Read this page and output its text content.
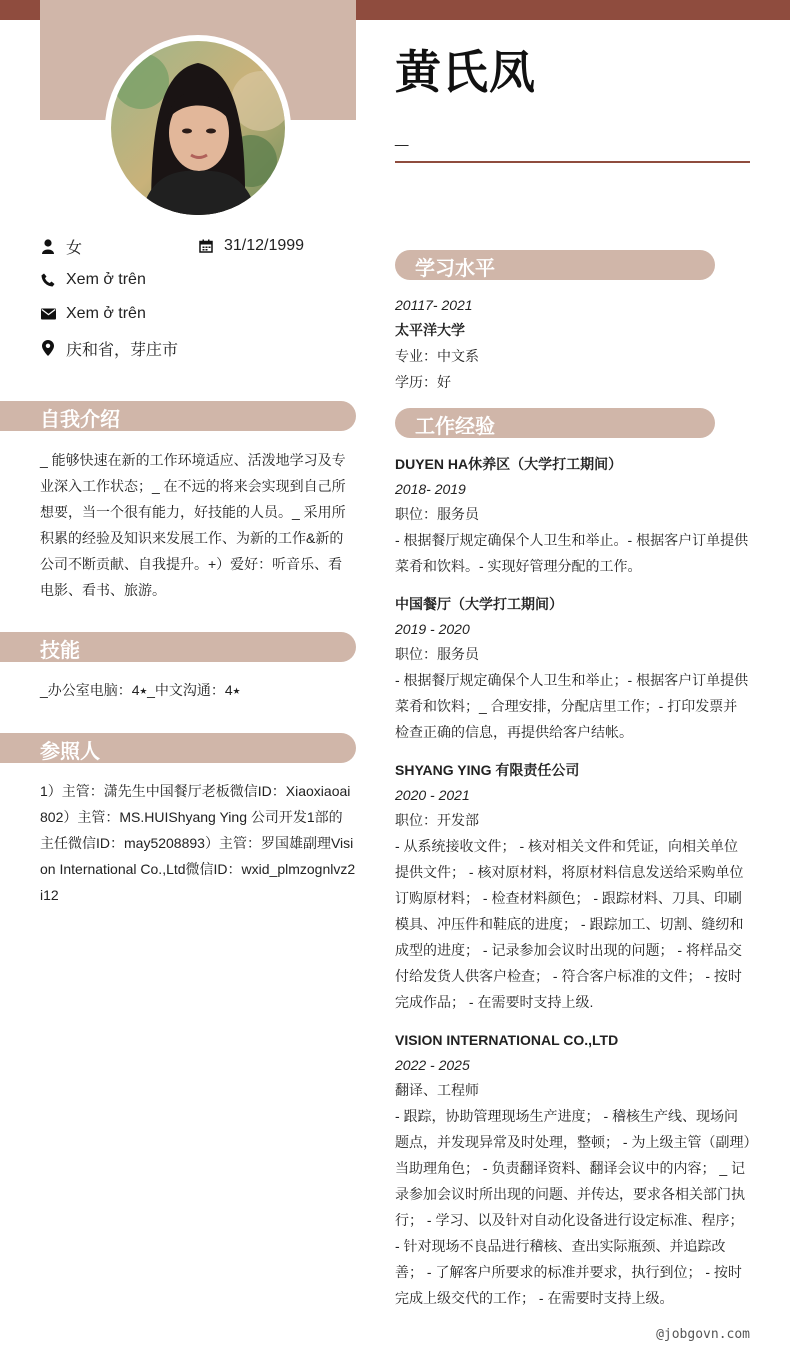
黄氏凤
_
女	31/12/1999
Xem ở trên
Xem ở trên
庆和省，芽庄市
自我介绍
_ 能够快速在新的工作环境适应、活泼地学习及专业深入工作状态；_ 在不远的将来会实现到自己所想要，当一个很有能力，好技能的人员。_ 采用所积累的经验及知识来发展工作、为新的工作&新的公司不断贡献、自我提升。+）爱好：听音乐、看电影、看书、旅游。
技能
_办公室电脑：4⭑_中文沟通：4⭑
参照人
1）主管：潇先生中国餐厅老板微信ID：Xiaoxiaoai802）主管：MS.HUIShyang Ying 公司开发1部的主任微信ID：may5208893）主管：罗国雄副理Vision International Co.,Ltd微信ID：wxid_plmzognlvz2i12
学习水平
20117- 2021
太平洋大学
专业：中文系
学历：好
工作经验
DUYEN HA休养区（大学打工期间）
2018- 2019
职位：服务员
- 根据餐厅规定确保个人卫生和举止。- 根据客户订单提供菜肴和饮料。- 实现好管理分配的工作。
中国餐厅（大学打工期间）
2019 - 2020
职位：服务员
- 根据餐厅规定确保个人卫生和举止；- 根据客户订单提供菜肴和饮料；_ 合理安排，分配店里工作；- 打印发票并检查正确的信息，再提供给客户结帐。
SHYANG YING 有限责任公司
2020 - 2021
职位：开发部
- 从系统接收文件； - 核对相关文件和凭证，向相关单位提供文件； - 核对原材料，将原材料信息发送给采购单位订购原材料； - 检查材料颜色； - 跟踪材料、刀具、印刷模具、冲压件和鞋底的进度； - 跟踪加工、切割、缝纫和成型的进度； - 记录参加会议时出现的问题； - 将样品交付给发货人供客户检查； - 符合客户标准的文件； - 按时完成作品； - 在需要时支持上级.
VISION INTERNATIONAL CO.,LTD
2022 - 2025
翻译、工程师
- 跟踪，协助管理现场生产进度； - 稽核生产线、现场问题点，并发现异常及时处理，整顿； - 为上级主管（副理）当助理角色； - 负责翻译资料、翻译会议中的内容； _ 记录参加会议时所出现的问题、并传达，要求各相关部门执行； - 学习、以及针对自动化设备进行设定标准、程序； - 针对现场不良品进行稽核、查出实际瓶颈、并追踪改善； - 了解客户所要求的标准并要求，执行到位； - 按时完成上级交代的工作； - 在需要时支持上级。
@jobgovn.com
